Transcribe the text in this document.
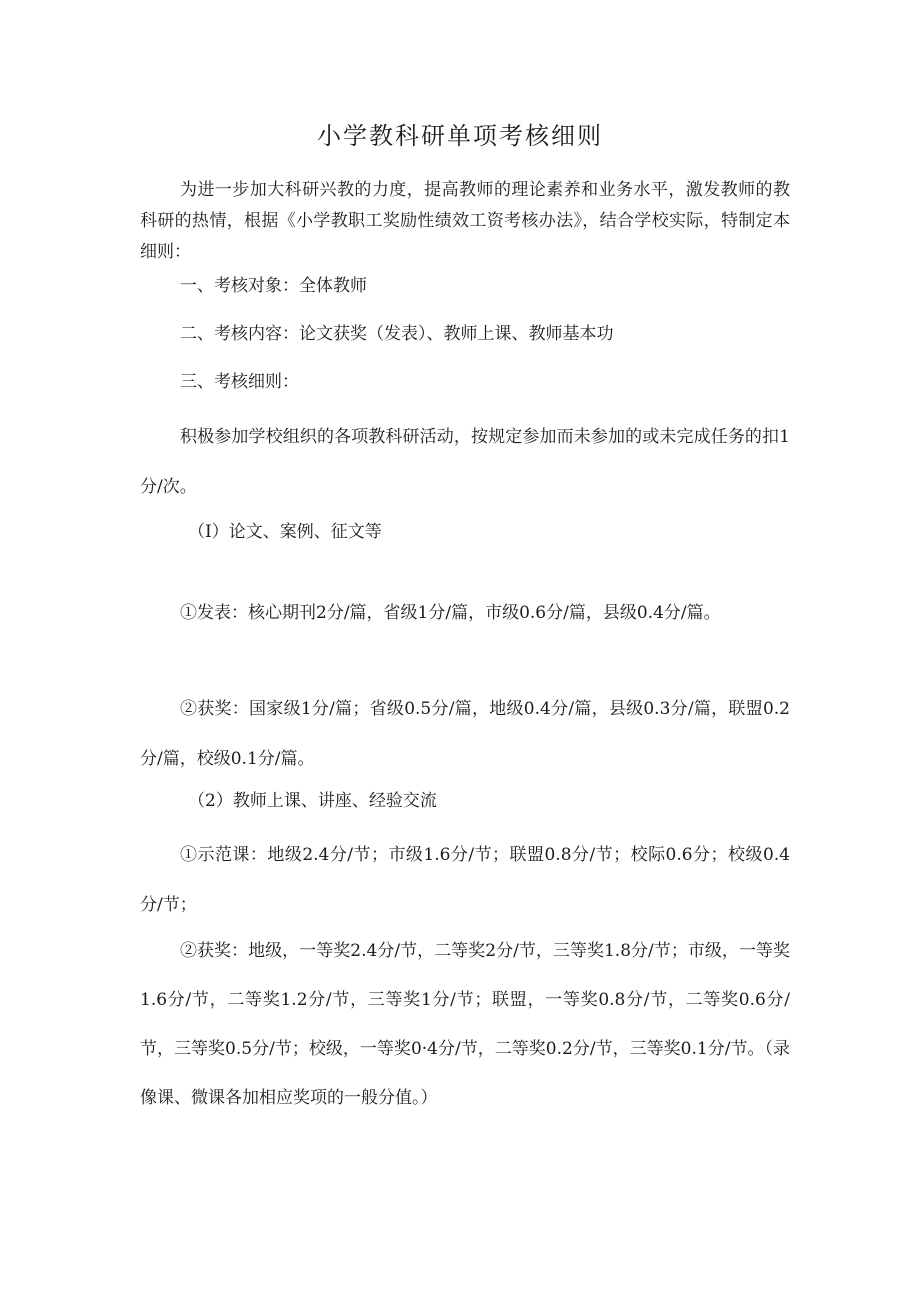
小学教科研单项考核细则

为进一步加大科研兴教的力度，提高教师的理论素养和业务水平，激发教师的教科研的热情，根据《小学教职工奖励性绩效工资考核办法》，结合学校实际，特制定本细则：

一、考核对象：全体教师

二、考核内容：论文获奖（发表）、教师上课、教师基本功

三、考核细则：

积极参加学校组织的各项教科研活动，按规定参加而未参加的或未完成任务的扣1分/次。

（I）论文、案例、征文等

①发表：核心期刊2分/篇，省级1分/篇，市级0.6分/篇，县级0.4分/篇。

②获奖：国家级1分/篇；省级0.5分/篇，地级0.4分/篇，县级0.3分/篇，联盟0.2分/篇，校级0.1分/篇。

（2）教师上课、讲座、经验交流

①示范课：地级2.4分/节；市级1.6分/节；联盟0.8分/节；校际0.6分；校级0.4分/节；

②获奖：地级，一等奖2.4分/节，二等奖2分/节，三等奖1.8分/节；市级，一等奖1.6分/节，二等奖1.2分/节，三等奖1分/节；联盟，一等奖0.8分/节，二等奖0.6分/节，三等奖0.5分/节；校级，一等奖0·4分/节，二等奖0.2分/节，三等奖0.1分/节。（录像课、微课各加相应奖项的一般分值。）
